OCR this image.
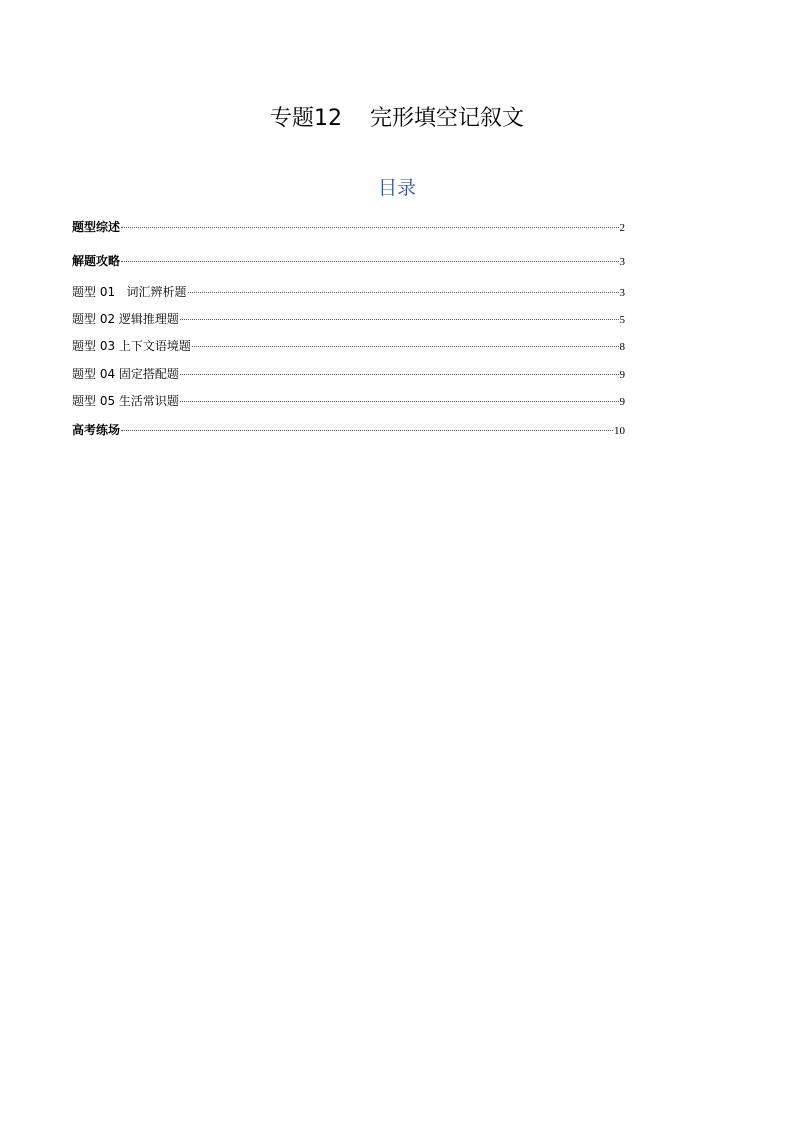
专题12    完形填空记叙文
目录
题型综述	2
解题攻略	3
题型 01   词汇辨析题	3
题型 02 逻辑推理题	5
题型 03 上下文语境题	8
题型 04 固定搭配题	9
题型 05 生活常识题	9
高考练场	10
